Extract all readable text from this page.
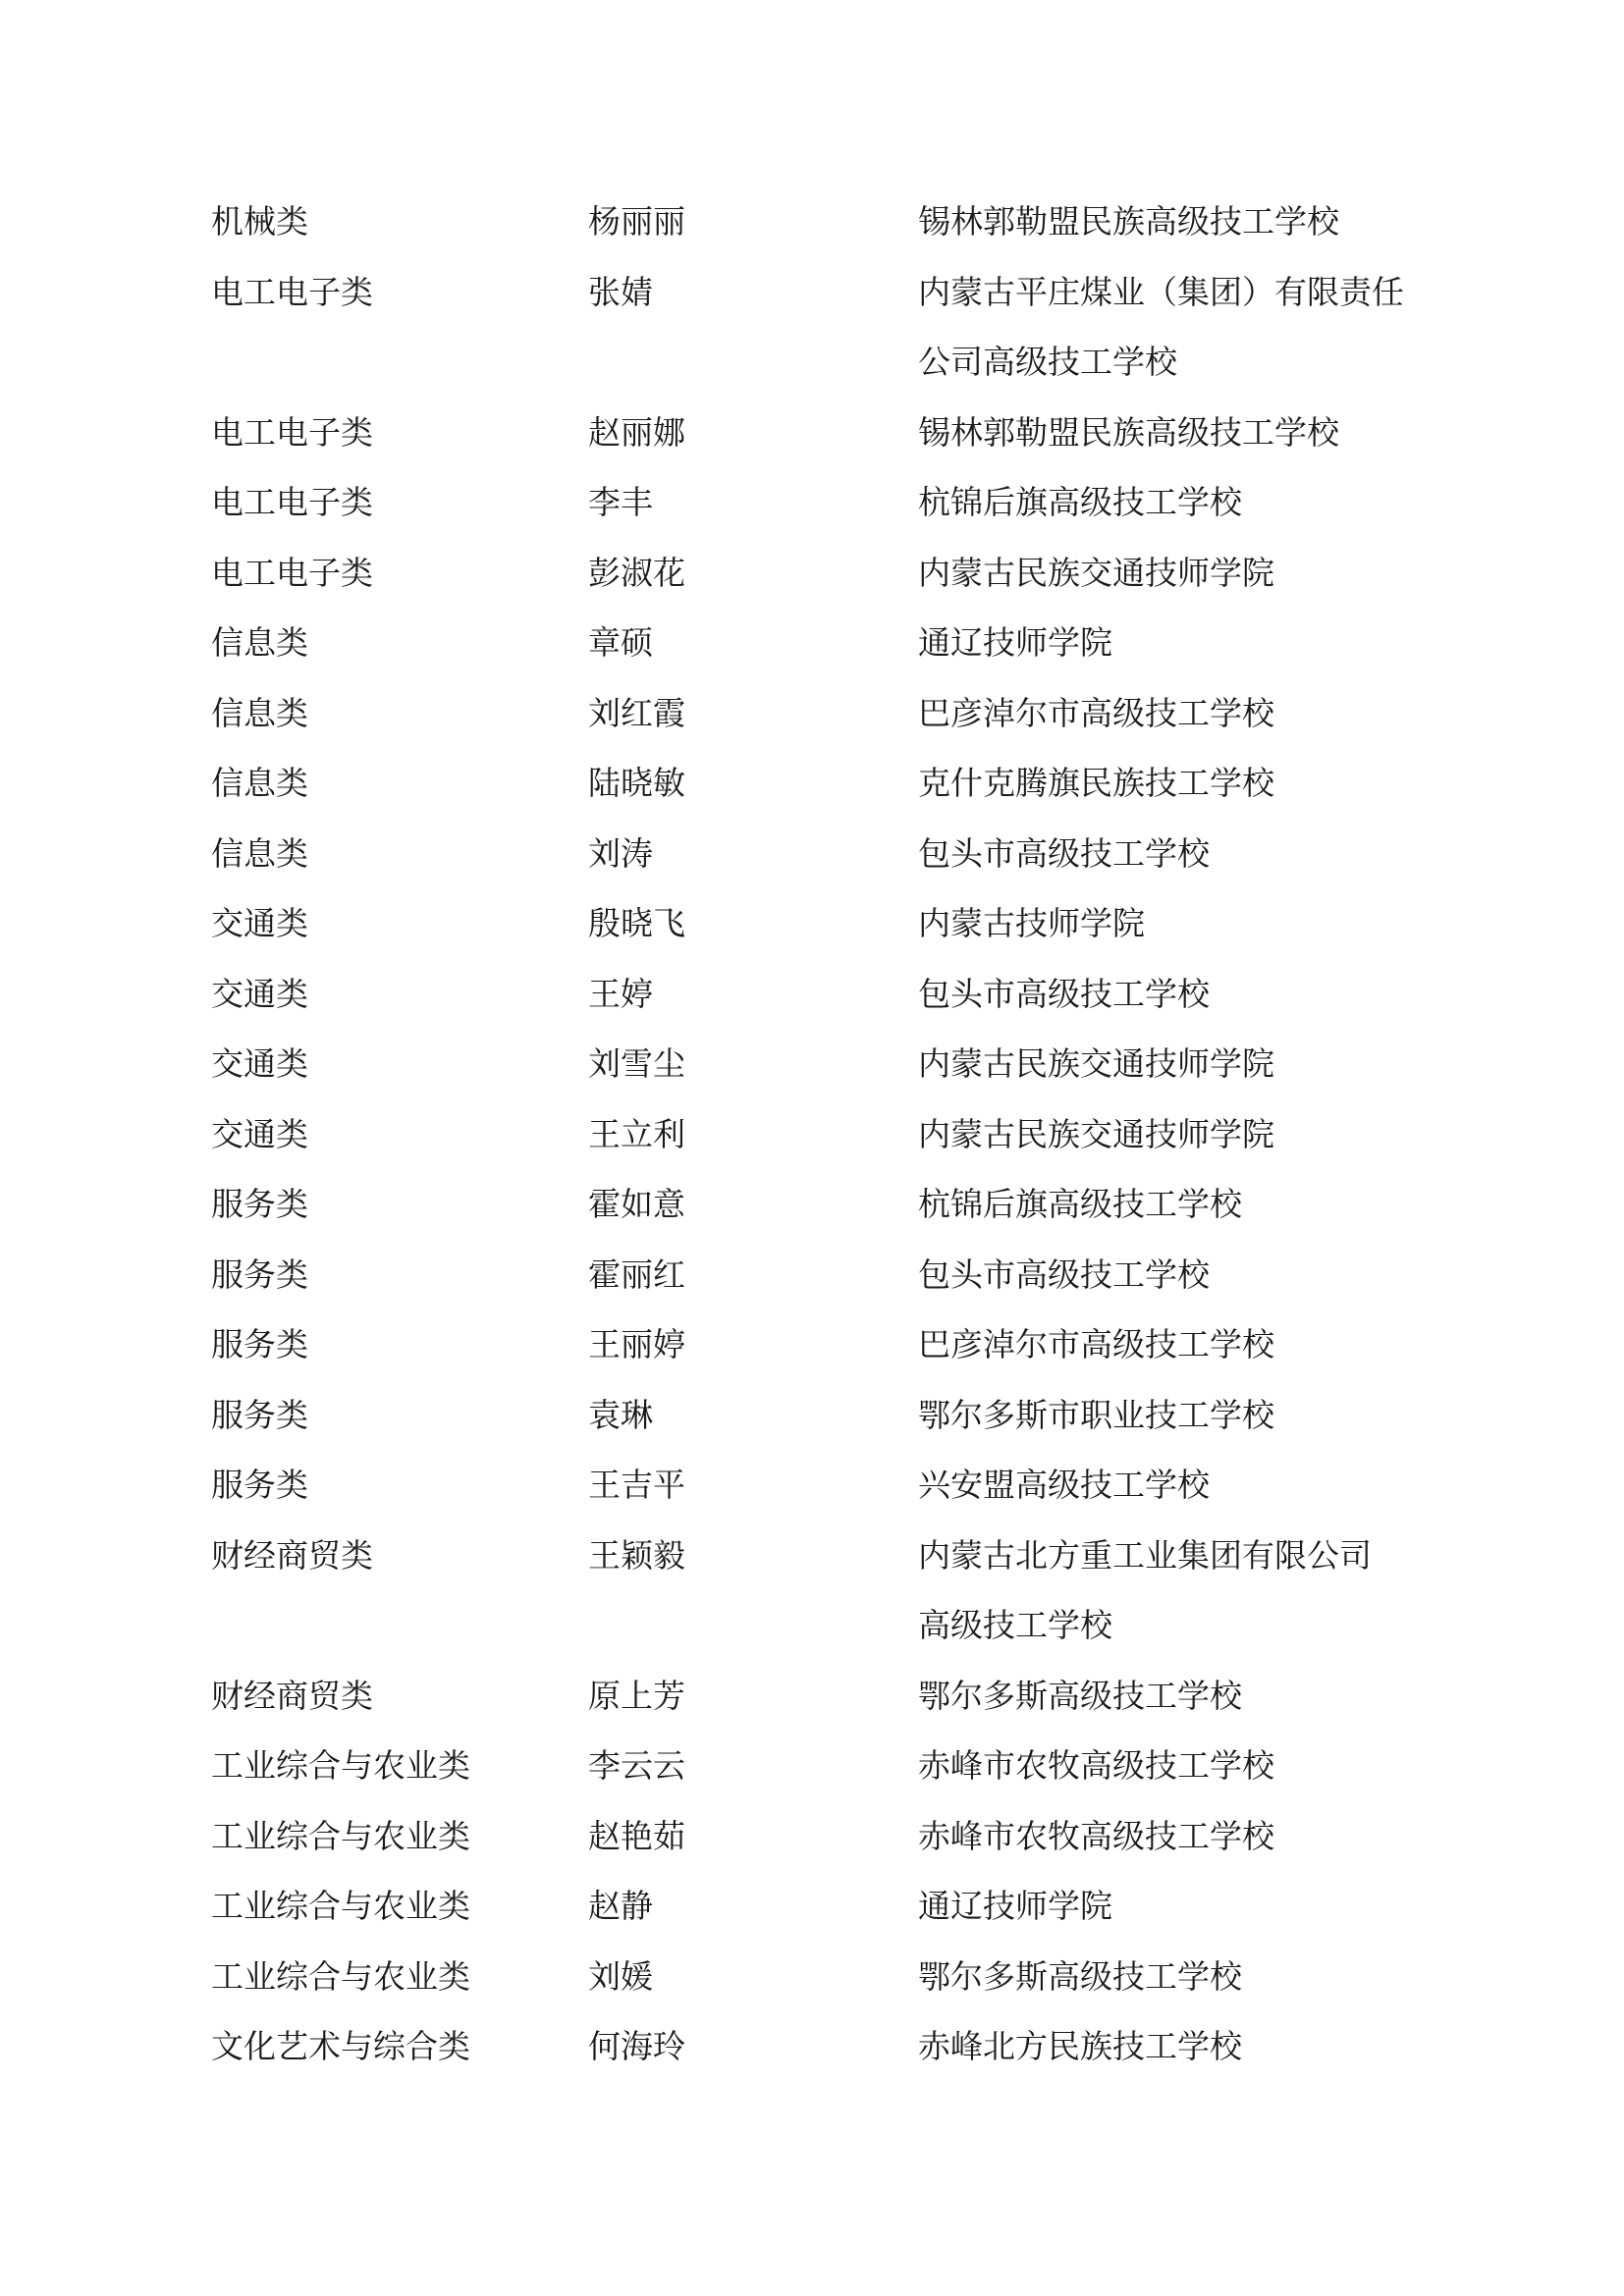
机械类	杨丽丽	锡林郭勒盟民族高级技工学校
电工电子类	张婧	内蒙古平庄煤业（集团）有限责任
公司高级技工学校
电工电子类	赵丽娜	锡林郭勒盟民族高级技工学校
电工电子类	李丰	杭锦后旗高级技工学校
电工电子类	彭淑花	内蒙古民族交通技师学院
信息类	章硕	通辽技师学院
信息类	刘红霞	巴彦淖尔市高级技工学校
信息类	陆晓敏	克什克腾旗民族技工学校
信息类	刘涛	包头市高级技工学校
交通类	殷晓飞	内蒙古技师学院
交通类	王婷	包头市高级技工学校
交通类	刘雪尘	内蒙古民族交通技师学院
交通类	王立利	内蒙古民族交通技师学院
服务类	霍如意	杭锦后旗高级技工学校
服务类	霍丽红	包头市高级技工学校
服务类	王丽婷	巴彦淖尔市高级技工学校
服务类	袁琳	鄂尔多斯市职业技工学校
服务类	王吉平	兴安盟高级技工学校
财经商贸类	王颖毅	内蒙古北方重工业集团有限公司
高级技工学校
财经商贸类	原上芳	鄂尔多斯高级技工学校
工业综合与农业类	李云云	赤峰市农牧高级技工学校
工业综合与农业类	赵艳茹	赤峰市农牧高级技工学校
工业综合与农业类	赵静	通辽技师学院
工业综合与农业类	刘媛	鄂尔多斯高级技工学校
文化艺术与综合类	何海玲	赤峰北方民族技工学校
